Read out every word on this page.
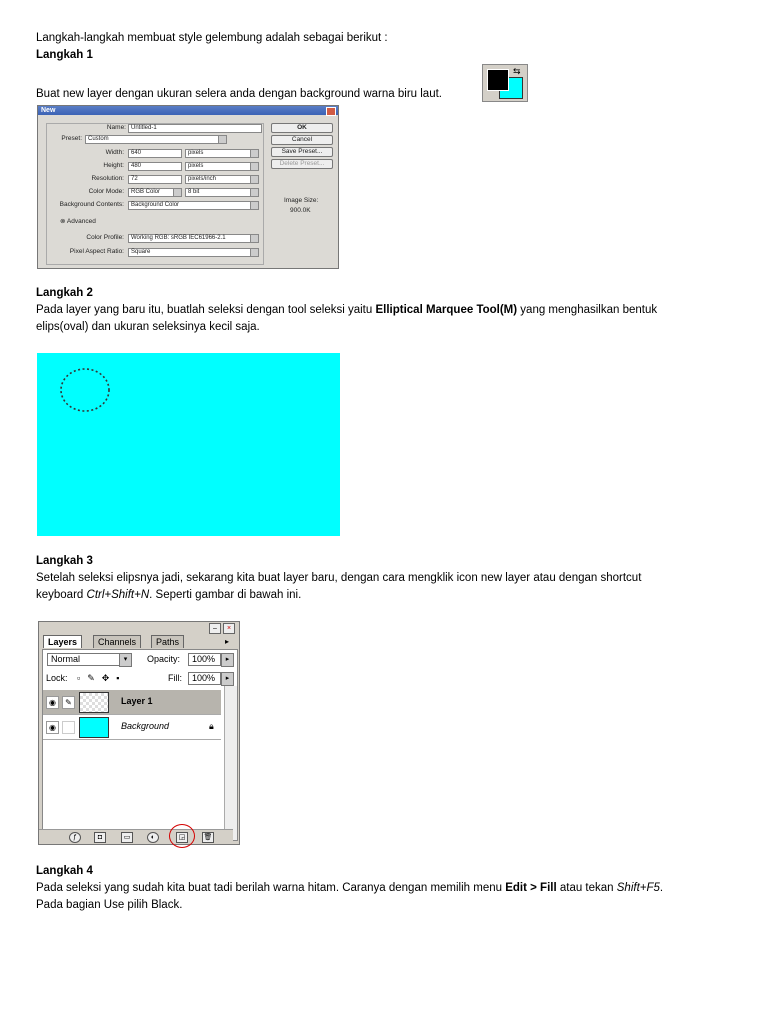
Langkah-langkah membuat style gelembung adalah sebagai berikut :
Langkah 1
Buat new layer dengan ukuran selera anda dengan background warna biru laut.
⇆
New
Name: Untitled-1
Preset:	Custom
Width:	640	pixels
Height:	480	pixels
Resolution:	72	pixels/inch
Color Mode:	RGB Color	8 bit
Background Contents:	Background Color
⊗ Advanced
Color Profile:	Working RGB: sRGB IEC61966-2.1
Pixel Aspect Ratio:	Square
OK
Cancel
Save Preset...
Delete Preset...
Image Size:
900.0K
Langkah 2
Pada layer yang baru itu, buatlah seleksi dengan tool seleksi yaitu Elliptical Marquee Tool(M) yang menghasilkan bentuk
elips(oval) dan ukuran seleksinya kecil saja.
Langkah 3
Setelah seleksi elipsnya jadi, sekarang kita buat layer baru, dengan cara mengklik icon new layer atau dengan shortcut
keyboard Ctrl+Shift+N. Seperti gambar di bawah ini.
–	×
Layers	Channels	Paths	▸
Normal	▾	Opacity:	100%	▸
Lock: ▫✎✥▪	Fill:	100%	▸
◉	✎	Layer 1
◉	Background	🔒︎
ƒ	◘	▭	◐	◲	🗑︎
Langkah 4
Pada seleksi yang sudah kita buat tadi berilah warna hitam. Caranya dengan memilih menu Edit > Fill atau tekan Shift+F5.
Pada bagian Use pilih Black.
